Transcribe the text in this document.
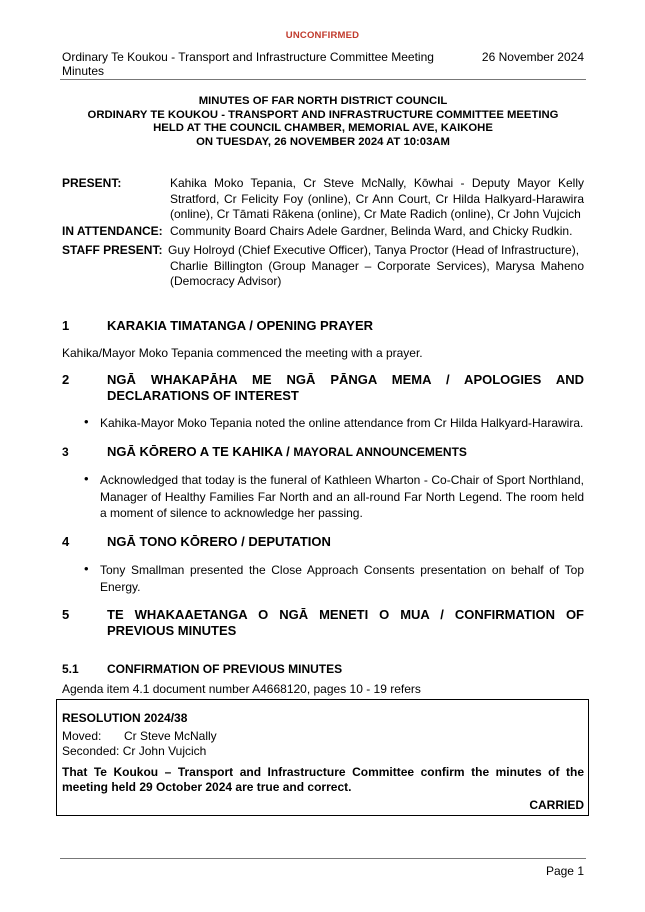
UNCONFIRMED
Ordinary Te Koukou - Transport and Infrastructure Committee Meeting
Minutes
26 November 2024
MINUTES OF FAR NORTH DISTRICT COUNCIL
ORDINARY TE KOUKOU - TRANSPORT AND INFRASTRUCTURE COMMITTEE MEETING
HELD AT THE COUNCIL CHAMBER, MEMORIAL AVE, KAIKOHE
ON TUESDAY, 26 NOVEMBER 2024 AT 10:03AM
PRESENT:	Kahika Moko Tepania, Cr Steve McNally, Kōwhai - Deputy Mayor Kelly Stratford, Cr Felicity Foy (online), Cr Ann Court, Cr Hilda Halkyard-Harawira (online), Cr Tāmati Rākena (online), Cr Mate Radich (online), Cr John Vujcich
IN ATTENDANCE: Community Board Chairs Adele Gardner, Belinda Ward, and Chicky Rudkin.
STAFF PRESENT: Guy Holroyd (Chief Executive Officer), Tanya Proctor (Head of Infrastructure),
Charlie Billington (Group Manager – Corporate Services), Marysa Maheno (Democracy Advisor)
1	KARAKIA TIMATANGA / OPENING PRAYER
Kahika/Mayor Moko Tepania commenced the meeting with a prayer.
2	NGĀ WHAKAPĀHA ME NGĀ PĀNGA MEMA / APOLOGIES AND
DECLARATIONS OF INTEREST
• Kahika-Mayor Moko Tepania noted the online attendance from Cr Hilda Halkyard-Harawira.
3	NGĀ KŌRERO A TE KAHIKA / MAYORAL ANNOUNCEMENTS
• Acknowledged that today is the funeral of Kathleen Wharton - Co-Chair of Sport Northland, Manager of Healthy Families Far North and an all-round Far North Legend. The room held a moment of silence to acknowledge her passing.
4	NGĀ TONO KŌRERO / DEPUTATION
• Tony Smallman presented the Close Approach Consents presentation on behalf of Top Energy.
5	TE WHAKAAETANGA O NGĀ MENETI O MUA / CONFIRMATION OF
PREVIOUS MINUTES
5.1 CONFIRMATION OF PREVIOUS MINUTES
Agenda item 4.1 document number A4668120, pages 10 - 19 refers
RESOLUTION 2024/38
Moved: Cr Steve McNally
Seconded: Cr John Vujcich
That Te Koukou – Transport and Infrastructure Committee confirm the minutes of the meeting held 29 October 2024 are true and correct.
CARRIED
Page 1
